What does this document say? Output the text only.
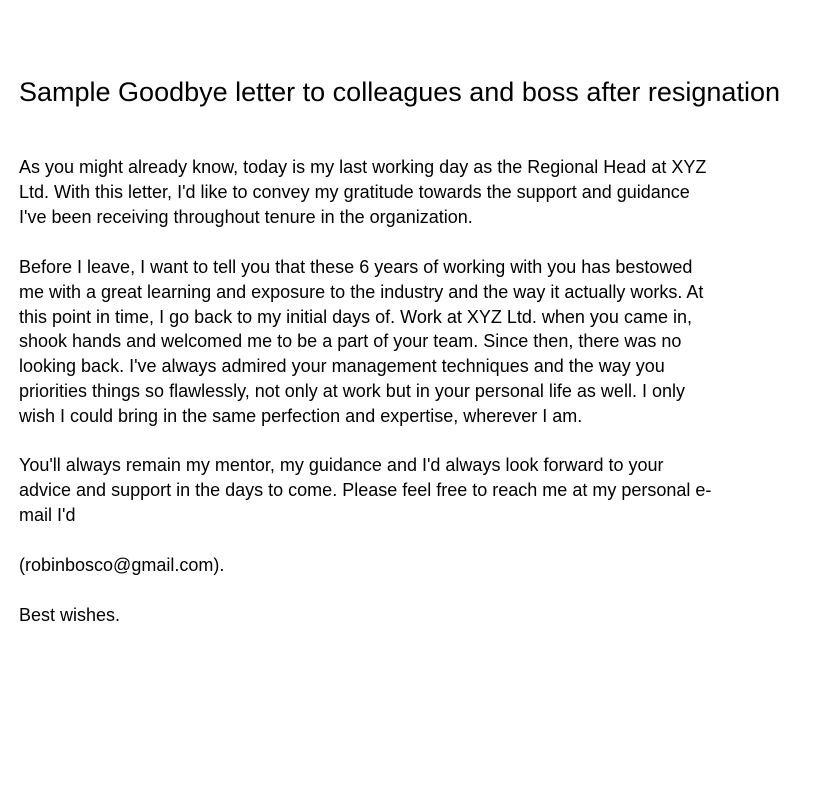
Sample Goodbye letter to colleagues and boss after resignation

As you might already know, today is my last working day as the Regional Head at XYZ
Ltd. With this letter, I'd like to convey my gratitude towards the support and guidance
I've been receiving throughout tenure in the organization.

Before I leave, I want to tell you that these 6 years of working with you has bestowed
me with a great learning and exposure to the industry and the way it actually works. At
this point in time, I go back to my initial days of. Work at XYZ Ltd. when you came in,
shook hands and welcomed me to be a part of your team. Since then, there was no
looking back. I've always admired your management techniques and the way you
priorities things so flawlessly, not only at work but in your personal life as well. I only
wish I could bring in the same perfection and expertise, wherever I am.

You'll always remain my mentor, my guidance and I'd always look forward to your
advice and support in the days to come. Please feel free to reach me at my personal e-
mail I'd

(robinbosco@gmail.com).

Best wishes.
